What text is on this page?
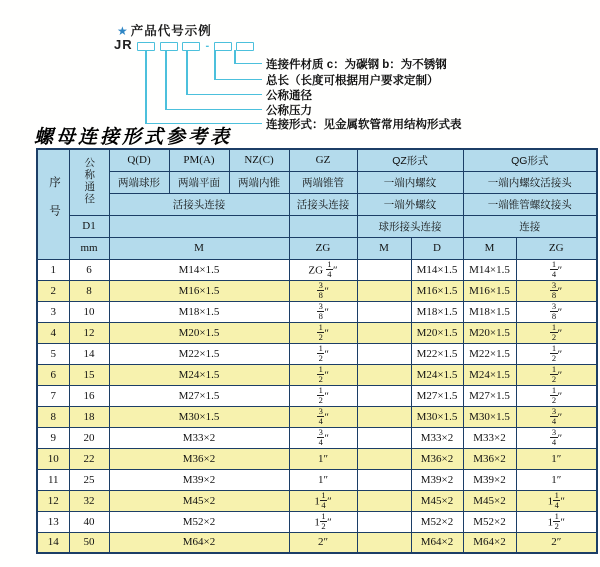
★ 产品代号示例
JR	-
连接件材质 c：为碳钢 b：为不锈钢
总长（长度可根据用户要求定制）
公称通径
公称压力
连接形式：见金属软管常用结构形式表
螺母连接形式参考表
序号	公称通径	Q(D)	PM(A)	NZ(C)	GZ	QZ形式		QG形式	
		两端球形	两端平面	两端内锥	两端锥管	一端内螺纹		一端内螺纹活接头	
		活接头连接			活接头连接	一端外螺纹		一端锥管螺纹接头	
	D1					球形接头连接		连接	
	mm	M			ZG	M	D	M	ZG
1	6	M14×1.5			ZG $\frac{1}{4}$ ″		M14×1.5	M14×1.5	$\frac{1}{4}$ ″
2	8	M16×1.5			$\frac{3}{8}$ ″		M16×1.5	M16×1.5	$\frac{3}{8}$ ″
3	10	M18×1.5			$\frac{3}{8}$ ″		M18×1.5	M18×1.5	$\frac{3}{8}$ ″
4	12	M20×1.5			$\frac{1}{2}$ ″		M20×1.5	M20×1.5	$\frac{1}{2}$ ″
5	14	M22×1.5			$\frac{1}{2}$ ″		M22×1.5	M22×1.5	$\frac{1}{2}$ ″
6	15	M24×1.5			$\frac{1}{2}$ ″		M24×1.5	M24×1.5	$\frac{1}{2}$ ″
7	16	M27×1.5			$\frac{1}{2}$ ″		M27×1.5	M27×1.5	$\frac{1}{2}$ ″
8	18	M30×1.5			$\frac{3}{4}$ ″		M30×1.5	M30×1.5	$\frac{3}{4}$ ″
9	20	M33×2			$\frac{3}{4}$ ″		M33×2	M33×2	$\frac{3}{4}$ ″
10	22	M36×2			1″		M36×2	M36×2	1″
11	25	M39×2			1″		M39×2	M39×2	1″
12	32	M45×2			$1 \frac{1}{4}$ ″		M45×2	M45×2	$1 \frac{1}{4}$ ″
13	40	M52×2			$1 \frac{1}{2}$ ″		M52×2	M52×2	$1 \frac{1}{2}$ ″
14	50	M64×2			2″		M64×2	M64×2	2″
